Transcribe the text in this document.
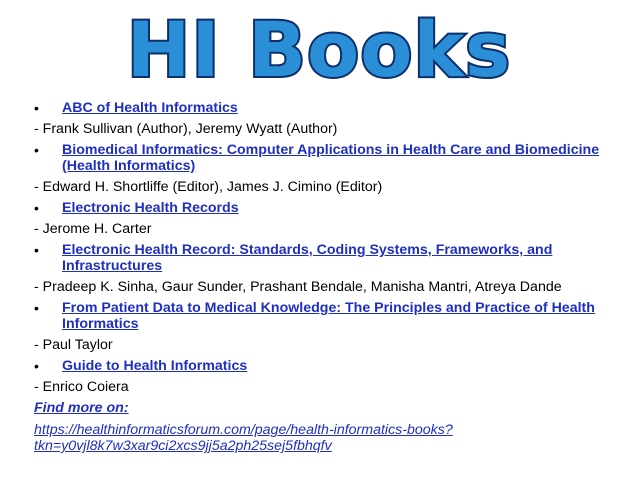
HI Books
•	ABC of Health Informatics
- Frank Sullivan (Author), Jeremy Wyatt (Author)
•	Biomedical Informatics: Computer Applications in Health Care and Biomedicine (Health Informatics)
- Edward H. Shortliffe (Editor), James J. Cimino (Editor)
•	Electronic Health Records
- Jerome H. Carter
•	Electronic Health Record: Standards, Coding Systems, Frameworks, and Infrastructures
- Pradeep K. Sinha, Gaur Sunder, Prashant Bendale, Manisha Mantri, Atreya Dande
•	From Patient Data to Medical Knowledge: The Principles and Practice of Health Informatics
- Paul Taylor
•	Guide to Health Informatics
- Enrico Coiera
Find more on:
https://healthinformaticsforum.com/page/health-informatics-books?tkn=y0vjl8k7w3xar9ci2xcs9jj5a2ph25sej5fbhqfv
